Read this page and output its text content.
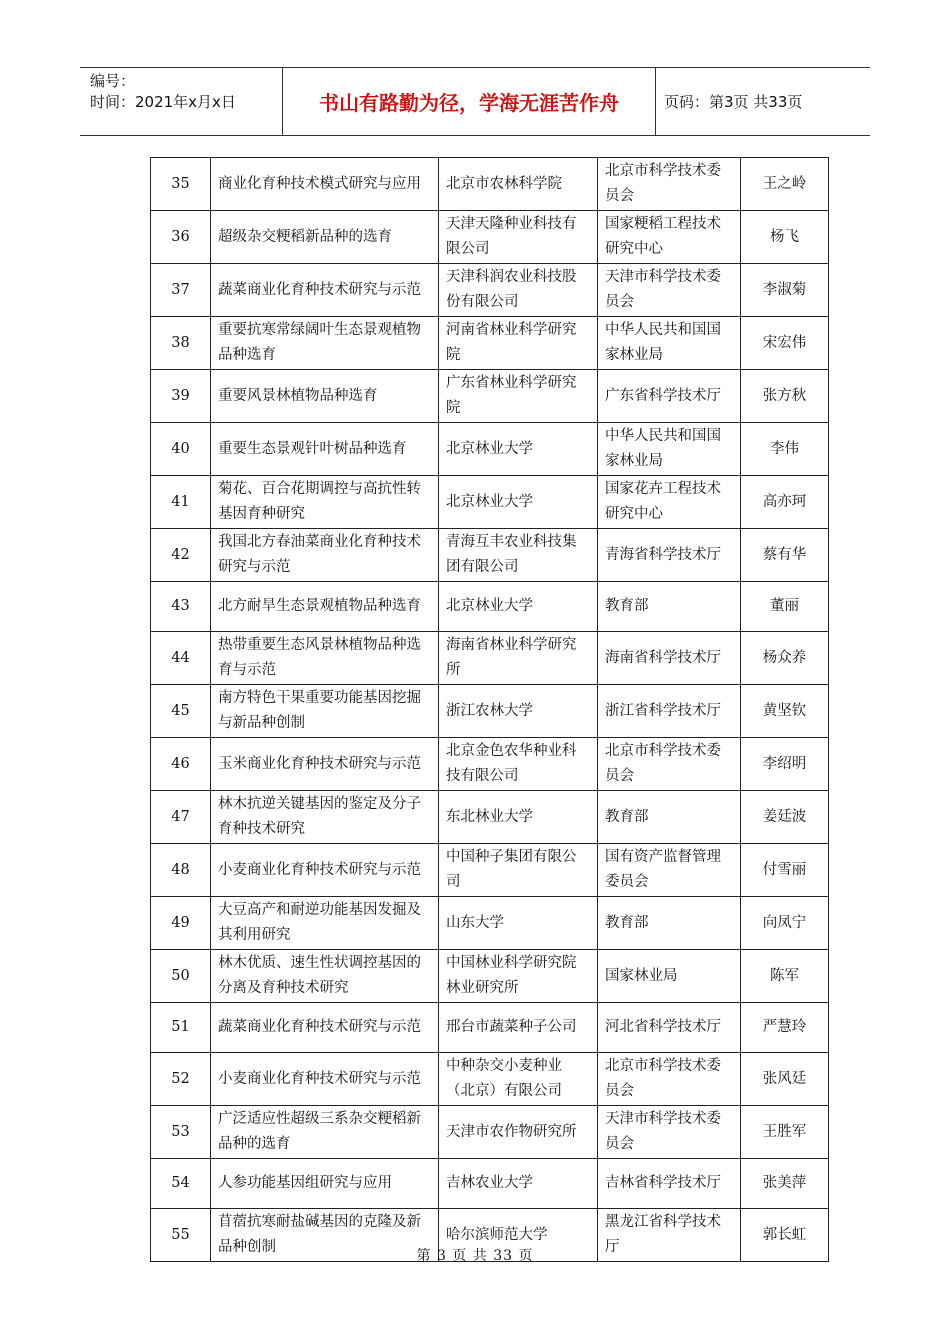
编号：
时间：2021年x月x日	书山有路勤为径，学海无涯苦作舟	页码：第3页 共33页
35	商业化育种技术模式研究与应用	北京市农林科学院	北京市科学技术委员会	王之岭
36	超级杂交粳稻新品种的选育	天津天隆种业科技有限公司	国家粳稻工程技术研究中心	杨飞
37	蔬菜商业化育种技术研究与示范	天津科润农业科技股份有限公司	天津市科学技术委员会	李淑菊
38	重要抗寒常绿阔叶生态景观植物品种选育	河南省林业科学研究院	中华人民共和国国家林业局	宋宏伟
39	重要风景林植物品种选育	广东省林业科学研究院	广东省科学技术厅	张方秋
40	重要生态景观针叶树品种选育	北京林业大学	中华人民共和国国家林业局	李伟
41	菊花、百合花期调控与高抗性转基因育种研究	北京林业大学	国家花卉工程技术研究中心	高亦珂
42	我国北方春油菜商业化育种技术研究与示范	青海互丰农业科技集团有限公司	青海省科学技术厅	蔡有华
43	北方耐旱生态景观植物品种选育	北京林业大学	教育部	董丽
44	热带重要生态风景林植物品种选育与示范	海南省林业科学研究所	海南省科学技术厅	杨众养
45	南方特色干果重要功能基因挖掘与新品种创制	浙江农林大学	浙江省科学技术厅	黄坚钦
46	玉米商业化育种技术研究与示范	北京金色农华种业科技有限公司	北京市科学技术委员会	李绍明
47	林木抗逆关键基因的鉴定及分子育种技术研究	东北林业大学	教育部	姜廷波
48	小麦商业化育种技术研究与示范	中国种子集团有限公司	国有资产监督管理委员会	付雪丽
49	大豆高产和耐逆功能基因发掘及其利用研究	山东大学	教育部	向凤宁
50	林木优质、速生性状调控基因的分离及育种技术研究	中国林业科学研究院林业研究所	国家林业局	陈军
51	蔬菜商业化育种技术研究与示范	邢台市蔬菜种子公司	河北省科学技术厅	严慧玲
52	小麦商业化育种技术研究与示范	中种杂交小麦种业（北京）有限公司	北京市科学技术委员会	张风廷
53	广泛适应性超级三系杂交粳稻新品种的选育	天津市农作物研究所	天津市科学技术委员会	王胜军
54	人参功能基因组研究与应用	吉林农业大学	吉林省科学技术厅	张美萍
55	苜蓿抗寒耐盐碱基因的克隆及新品种创制	哈尔滨师范大学	黑龙江省科学技术厅	郭长虹
第 3 页 共 33 页
